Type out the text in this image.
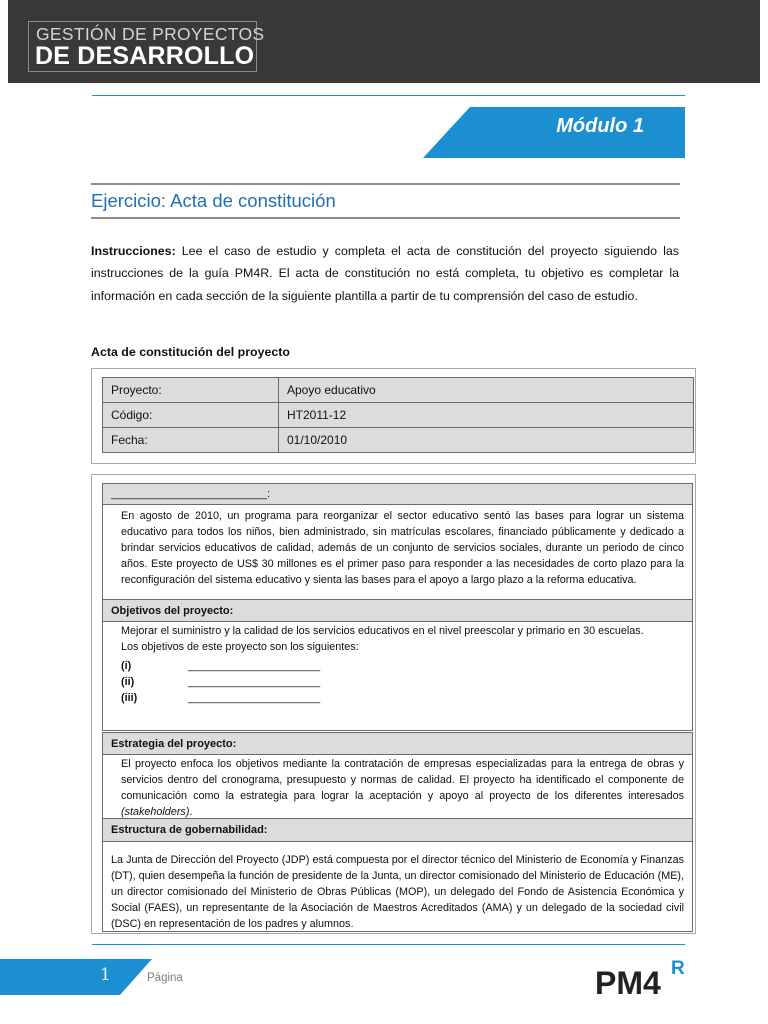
GESTIÓN DE PROYECTOS
DE DESARROLLO
Módulo 1
Ejercicio: Acta de constitución
Instrucciones: Lee el caso de estudio y completa el acta de constitución del proyecto siguiendo las instrucciones de la guía PM4R. El acta de constitución no está completa, tu objetivo es completar la información en cada sección de la siguiente plantilla a partir de tu comprensión del caso de estudio.
Acta de constitución del proyecto
Proyecto:	Apoyo educativo
Código:	HT2011-12
Fecha:	01/10/2010
__________________________:
En agosto de 2010, un programa para reorganizar el sector educativo sentó las bases para lograr un sistema educativo para todos los niños, bien administrado, sin matrículas escolares, financiado públicamente y dedicado a brindar servicios educativos de calidad, además de un conjunto de servicios sociales, durante un periodo de cinco años. Este proyecto de US$ 30 millones es el primer paso para responder a las necesidades de corto plazo para la reconfiguración del sistema educativo y sienta las bases para el apoyo a largo plazo a la reforma educativa.
Objetivos del proyecto:
Mejorar el suministro y la calidad de los servicios educativos en el nivel preescolar y primario en 30 escuelas.
Los objetivos de este proyecto son los siguientes:
(i)	______________________
(ii)	______________________
(iii)	______________________
Estrategia del proyecto:
El proyecto enfoca los objetivos mediante la contratación de empresas especializadas para la entrega de obras y servicios dentro del cronograma, presupuesto y normas de calidad. El proyecto ha identificado el componente de comunicación como la estrategia para lograr la aceptación y apoyo al proyecto de los diferentes interesados (stakeholders).
Estructura de gobernabilidad:
La Junta de Dirección del Proyecto (JDP) está compuesta por el director técnico del Ministerio de Economía y Finanzas (DT), quien desempeña la función de presidente de la Junta, un director comisionado del Ministerio de Educación (ME), un director comisionado del Ministerio de Obras Públicas (MOP), un delegado del Fondo de Asistencia Económica y Social (FAES), un representante de la Asociación de Maestros Acreditados (AMA) y un delegado de la sociedad civil (DSC) en representación de los padres y alumnos.
1	Página	PM4 R
